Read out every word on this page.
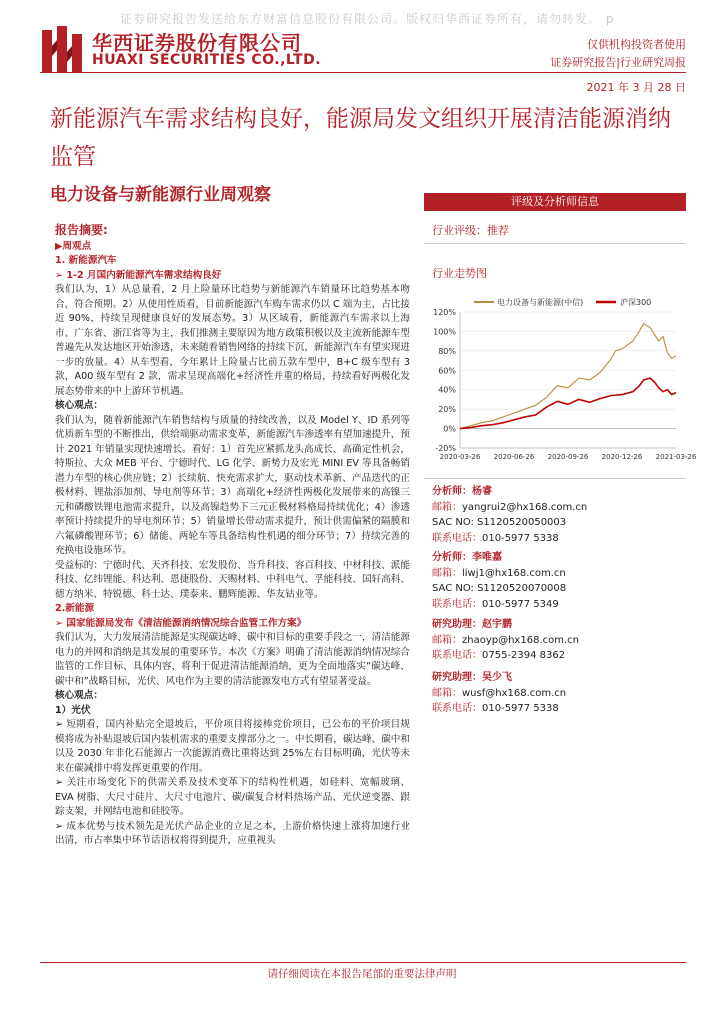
证券研究报告发送给东方财富信息股份有限公司。版权归华西证券所有，请勿转发。 p
华西证券股份有限公司
HUAXI SECURITIES CO.,LTD.
仅供机构投资者使用
证券研究报告|行业研究周报
2021 年 3 月 28 日
新能源汽车需求结构良好，能源局发文组织开展清洁能源消纳监管
电力设备与新能源行业周观察	评级及分析师信息

报告摘要:

▶周观点

1. 新能源汽车

➢ 1-2 月国内新能源汽车需求结构良好

我们认为，1）从总量看，2 月上险量环比趋势与新能源汽车销量环比趋势基本吻合，符合预期。2）从使用性质看，目前新能源汽车购车需求仍以 C 端为主，占比接近 90%，持续呈现健康良好的发展态势。3）从区域看，新能源汽车需求以上海市、广东省、浙江省等为主，我们推测主要原因为地方政策积极以及主流新能源车型普遍先从发达地区开始渗透，未来随着销售网络的持续下沉，新能源汽车有望实现进一步的放量。4）从车型看，今年累计上险量占比前五款车型中，B+C 级车型有 3 款，A00 级车型有 2 款，需求呈现高端化+经济性并重的格局，持续看好两极化发展态势带来的中上游环节机遇。

核心观点：

我们认为，随着新能源汽车销售结构与质量的持续改善，以及 Model Y、ID 系列等优质新车型的不断推出，供给端驱动需求变革，新能源汽车渗透率有望加速提升，预计 2021 年销量实现快速增长。看好：1）首先应紧抓龙头高成长、高确定性机会，特斯拉、大众 MEB 平台、宁德时代、LG 化学、新势力及宏光 MINI EV 等具备畅销潜力车型的核心供应链；2）长续航、快充需求扩大，驱动技术革新、产品迭代的正极材料、锂盐添加剂、导电剂等环节；3）高端化+经济性两极化发展带来的高镍三元和磷酸铁锂电池需求提升，以及高镍趋势下三元正极材料格局持续优化；4）渗透率预计持续提升的导电剂环节；5）销量增长带动需求提升，预计供需偏紧的隔膜和六氟磷酸锂环节；6）储能、两轮车等具备结构性机遇的细分环节；7）持续完善的充换电设施环节。

受益标的：宁德时代、天齐科技、宏发股份、当升科技、容百科技、中材科技、派能科技、亿纬锂能、科达利、恩捷股份、天赐材料、中科电气、孚能科技、国轩高科、德方纳米、特锐德、科士达、璞泰来、鹏辉能源、华友钴业等。

2.新能源

➢ 国家能源局发布《清洁能源消纳情况综合监管工作方案》

我们认为，大力发展清洁能源是实现碳达峰、碳中和目标的重要手段之一，清洁能源电力的并网和消纳是其发展的重要环节。本次《方案》明确了清洁能源消纳情况综合监管的工作目标、具体内容，将利于促进清洁能源消纳，更为全面地落实“碳达峰、碳中和”战略目标，光伏、风电作为主要的清洁能源发电方式有望显著受益。

核心观点：

1）光伏

➢ 短期看，国内补贴完全退坡后，平价项目将接棒竞价项目，已公布的平价项目规模将成为补贴退坡后国内装机需求的重要支撑部分之一。中长期看，碳达峰、碳中和以及 2030 年非化石能源占一次能源消费比重将达到 25%左右目标明确，光伏等未来在碳减排中将发挥更重要的作用。

➢ 关注市场变化下的供需关系及技术变革下的结构性机遇，如硅料、宽幅玻璃、EVA 树脂、大尺寸硅片、大尺寸电池片、碳/碳复合材料热场产品、光伏逆变器、跟踪支架，并网结电池和硅胶等。

➢ 成本优势与技术领先是光伏产品企业的立足之本，上游价格快速上涨将加速行业出清，市占率集中环节话语权将得到提升，应重视头

行业评级：推荐
行业走势图
电力设备与新能源(中信)	沪深300
-20%
0%
20%
40%
60%
80%
100%
120%
2020-03-26 2020-06-26 2020-09-26 2020-12-26 2021-03-26
分析师：杨睿
邮箱：yangrui2@hx168.com.cn
SAC NO: S1120520050003
联系电话：010-5977 5338
分析师：李唯嘉
邮箱：liwj1@hx168.com.cn
SAC NO: S1120520070008
联系电话：010-5977 5349
研究助理：赵宇鹏
邮箱：zhaoyp@hx168.com.cn
联系电话：0755-2394 8362
研究助理：吴少飞
邮箱：wusf@hx168.com.cn
联系电话：010-5977 5338
请仔细阅读在本报告尾部的重要法律声明
